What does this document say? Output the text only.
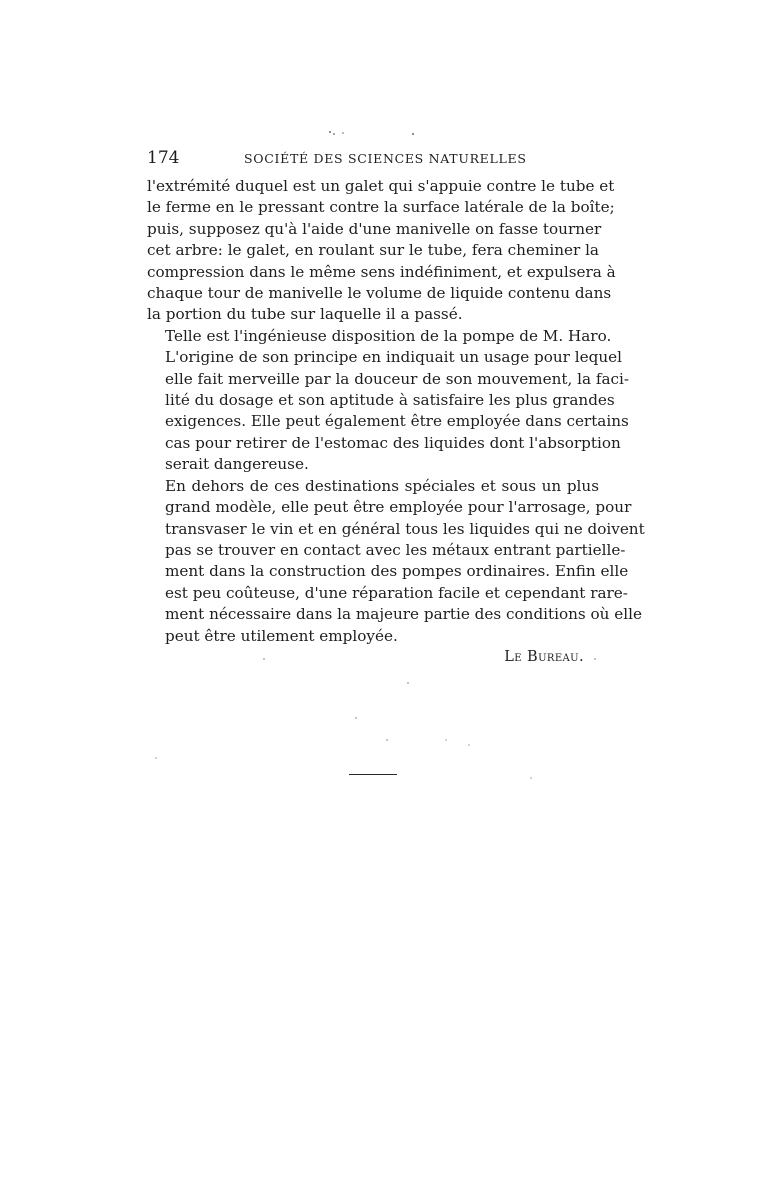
174	SOCIÉTÉ DES SCIENCES NATURELLES

l'extrémité duquel est un galet qui s'appuie contre le tube et
le ferme en le pressant contre la surface latérale de la boîte;
puis, supposez qu'à l'aide d'une manivelle on fasse tourner
cet arbre: le galet, en roulant sur le tube, fera cheminer la
compression dans le même sens indéfiniment, et expulsera à
chaque tour de manivelle le volume de liquide contenu dans
la portion du tube sur laquelle il a passé.

Telle est l'ingénieuse disposition de la pompe de M. Haro.
L'origine de son principe en indiquait un usage pour lequel
elle fait merveille par la douceur de son mouvement, la faci-
lité du dosage et son aptitude à satisfaire les plus grandes
exigences. Elle peut également être employée dans certains
cas pour retirer de l'estomac des liquides dont l'absorption
serait dangereuse.

En dehors de ces destinations spéciales et sous un plus
grand modèle, elle peut être employée pour l'arrosage, pour
transvaser le vin et en général tous les liquides qui ne doivent
pas se trouver en contact avec les métaux entrant partielle-
ment dans la construction des pompes ordinaires. Enfin elle
est peu coûteuse, d'une réparation facile et cependant rare-
ment nécessaire dans la majeure partie des conditions où elle
peut être utilement employée.

Le Bureau.
